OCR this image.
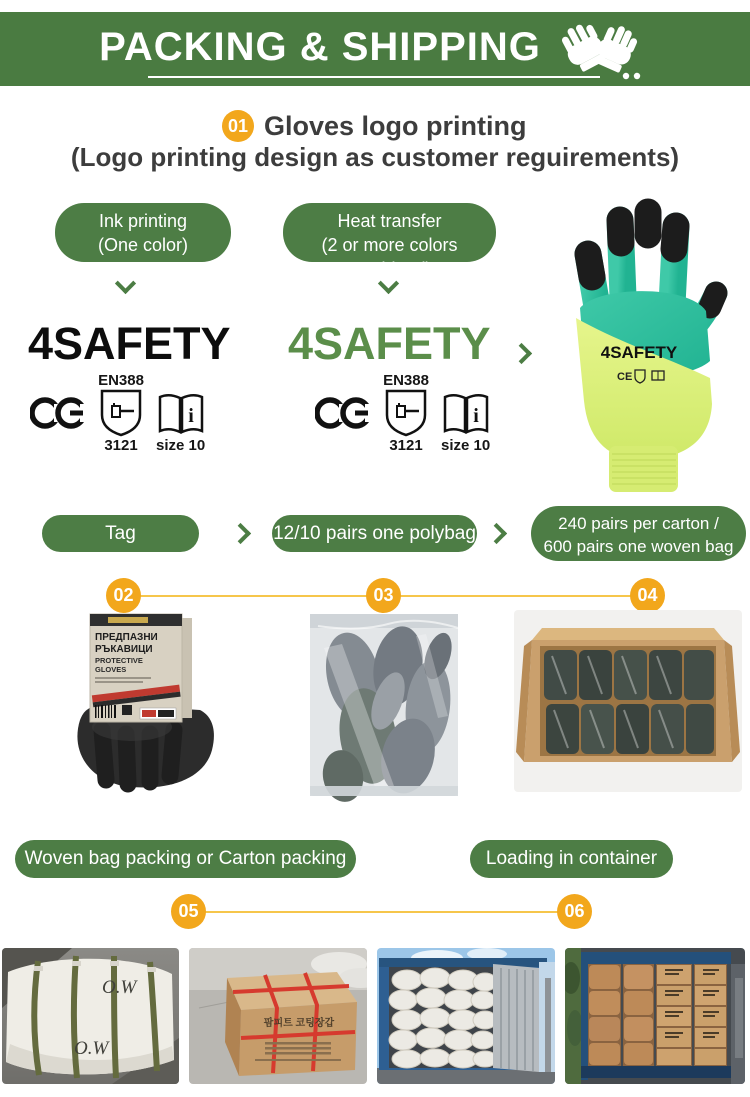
PACKING & SHIPPING
01 Gloves logo printing
(Logo printing design as customer reguirements)
Ink printing
(One color)
Heat transfer
(2 or more colors combined)
4SAFETY 4SAFETY
EN388
3121
i
size 10
EN388
3121
i
size 10
4SAFETY
CE
Tag	12/10 pairs one polybag	240 pairs per carton /
600 pairs one woven bag
02	03	04
ПРЕДПАЗНИ
РЪКАВИЦИ
PROTECTIVE
GLOVES
Woven bag packing or Carton packing	Loading in container
05	06
O.W
O.W
팜피트 코팅장갑
